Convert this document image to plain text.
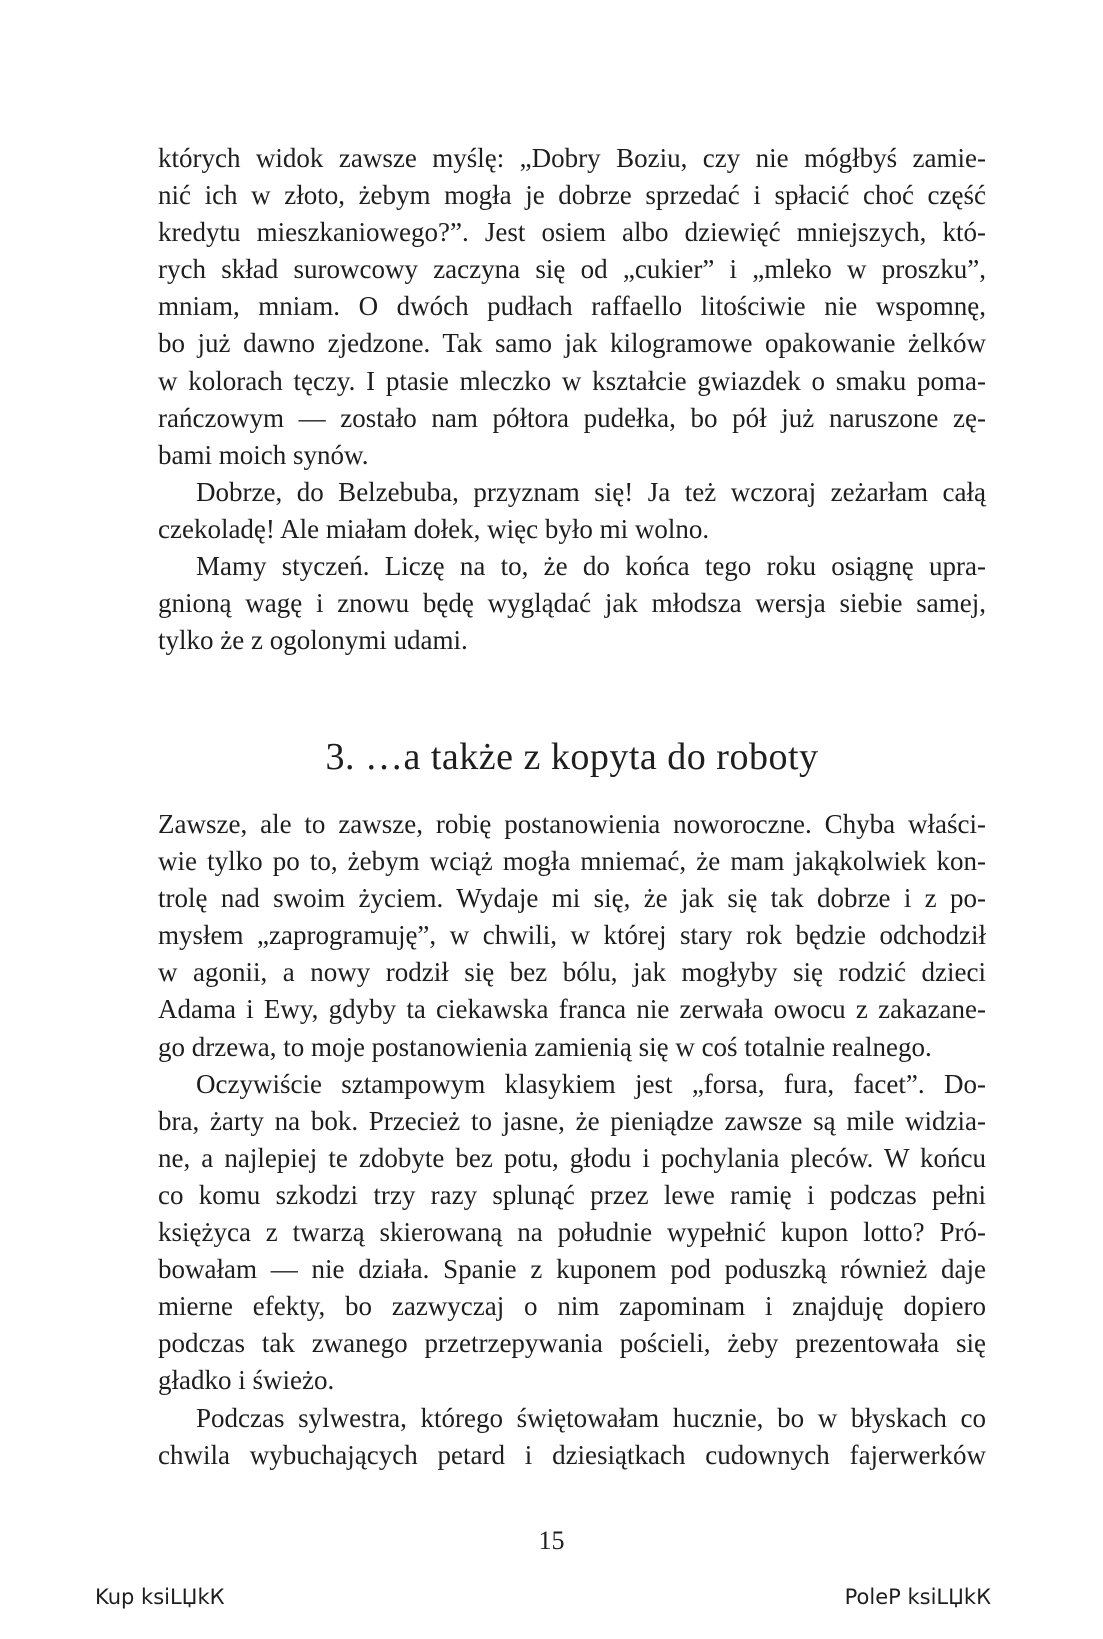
których widok zawsze myślę: „Dobry Boziu, czy nie mógłbyś zamie-
nić ich w złoto, żebym mogła je dobrze sprzedać i spłacić choć część
kredytu mieszkaniowego?”. Jest osiem albo dziewięć mniejszych, któ-
rych skład surowcowy zaczyna się od „cukier” i „mleko w proszku”,
mniam, mniam. O dwóch pudłach raffaello litościwie nie wspomnę,
bo już dawno zjedzone. Tak samo jak kilogramowe opakowanie żelków
w kolorach tęczy. I ptasie mleczko w kształcie gwiazdek o smaku poma-
rańczowym — zostało nam półtora pudełka, bo pół już naruszone zę-
bami moich synów.
Dobrze, do Belzebuba, przyznam się! Ja też wczoraj zeżarłam całą
czekoladę! Ale miałam dołek, więc było mi wolno.
Mamy styczeń. Liczę na to, że do końca tego roku osiągnę upra-
gnioną wagę i znowu będę wyglądać jak młodsza wersja siebie samej,
tylko że z ogolonymi udami.
3. …a także z kopyta do roboty
Zawsze, ale to zawsze, robię postanowienia noworoczne. Chyba właści-
wie tylko po to, żebym wciąż mogła mniemać, że mam jakąkolwiek kon-
trolę nad swoim życiem. Wydaje mi się, że jak się tak dobrze i z po-
mysłem „zaprogramuję”, w chwili, w której stary rok będzie odchodził
w agonii, a nowy rodził się bez bólu, jak mogłyby się rodzić dzieci
Adama i Ewy, gdyby ta ciekawska franca nie zerwała owocu z zakazane-
go drzewa, to moje postanowienia zamienią się w coś totalnie realnego.
Oczywiście sztampowym klasykiem jest „forsa, fura, facet”. Do-
bra, żarty na bok. Przecież to jasne, że pieniądze zawsze są mile widzia-
ne, a najlepiej te zdobyte bez potu, głodu i pochylania pleców. W końcu
co komu szkodzi trzy razy splunąć przez lewe ramię i podczas pełni
księżyca z twarzą skierowaną na południe wypełnić kupon lotto? Pró-
bowałam — nie działa. Spanie z kuponem pod poduszką również daje
mierne efekty, bo zazwyczaj o nim zapominam i znajduję dopiero
podczas tak zwanego przetrzepywania pościeli, żeby prezentowała się
gładko i świeżo.
Podczas sylwestra, którego świętowałam hucznie, bo w błyskach co
chwila wybuchających petard i dziesiątkach cudownych fajerwerków
15
Kup ksiLЏkК	PoleР ksiLЏkК
